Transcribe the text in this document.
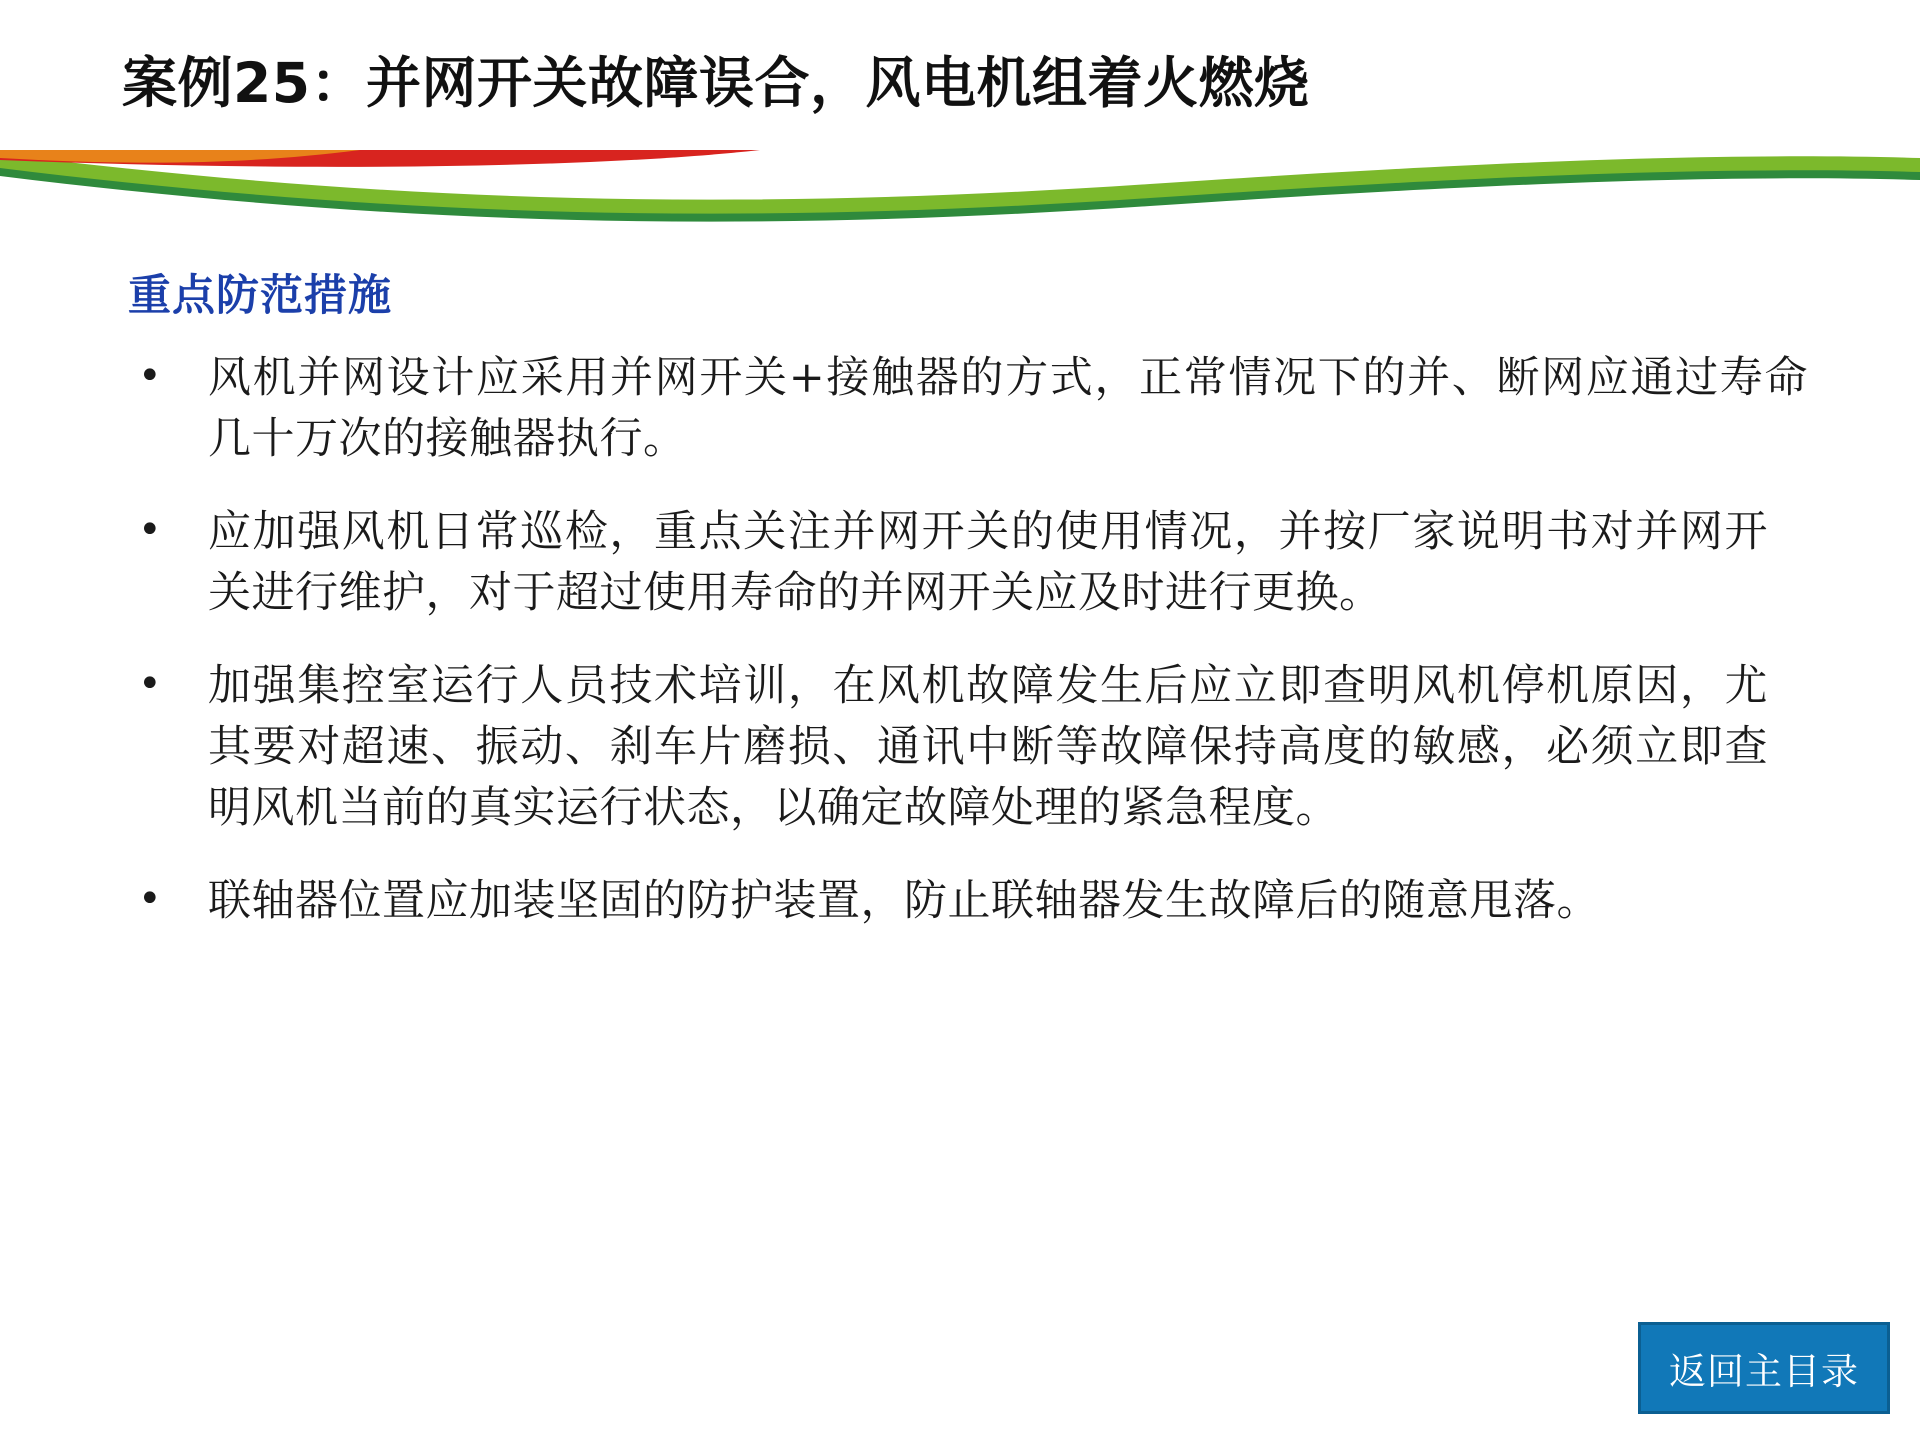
案例25：并网开关故障误合，风电机组着火燃烧
重点防范措施
•	风机并网设计应采用并网开关+接触器的方式，正常情况下的并、断网应通过寿命几十万次的接触器执行。
•	应加强风机日常巡检，重点关注并网开关的使用情况，并按厂家说明书对并网开关进行维护，对于超过使用寿命的并网开关应及时进行更换。
•	加强集控室运行人员技术培训，在风机故障发生后应立即查明风机停机原因，尤其要对超速、振动、刹车片磨损、通讯中断等故障保持高度的敏感，必须立即查明风机当前的真实运行状态，以确定故障处理的紧急程度。
•	联轴器位置应加装坚固的防护装置，防止联轴器发生故障后的随意甩落。
返回主目录
